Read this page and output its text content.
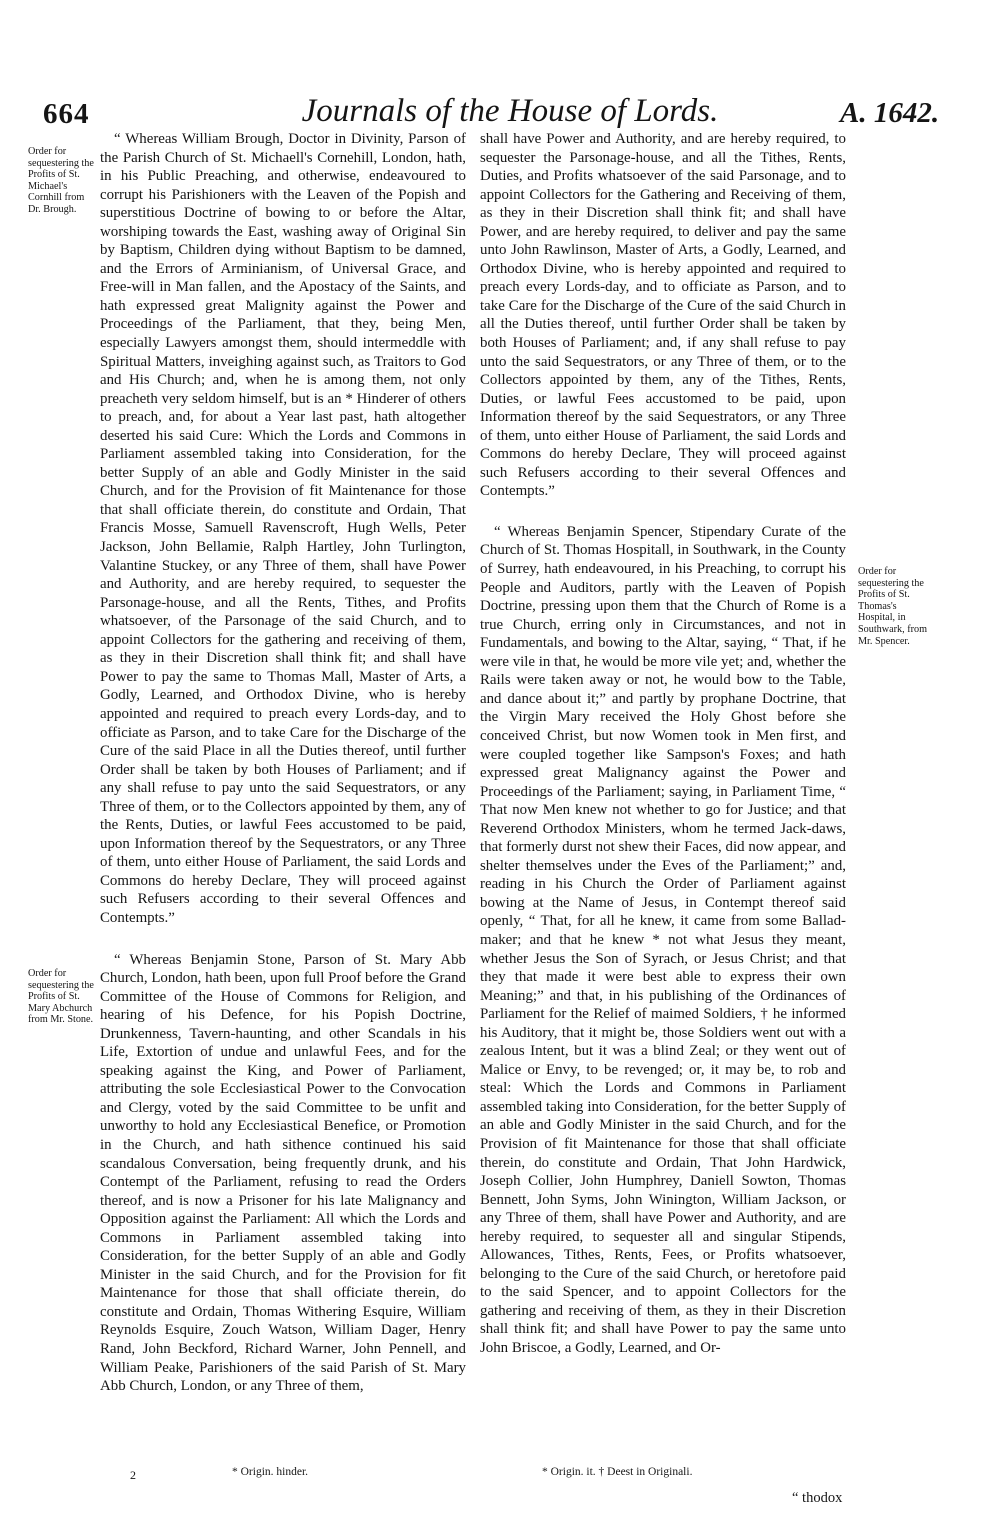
664	Journals of the House of Lords.	A. 1642.
Order for sequestering the Profits of St. Michael's Cornhill from Dr. Brough.
Order for sequestering the Profits of St. Mary Abchurch from Mr. Stone.
Order for sequestering the Profits of St. Thomas's Hospital, in Southwark, from Mr. Spencer.

“ Whereas William Brough, Doctor in Divinity, Parson of the Parish Church of St. Michaell's Cornehill, London, hath, in his Public Preaching, and otherwise, endeavoured to corrupt his Parishioners with the Leaven of the Popish and superstitious Doctrine of bowing to or before the Altar, worshiping towards the East, washing away of Original Sin by Baptism, Children dying without Baptism to be damned, and the Errors of Arminianism, of Universal Grace, and Free-will in Man fallen, and the Apostacy of the Saints, and hath expressed great Malignity against the Power and Proceedings of the Parliament, that they, being Men, especially Lawyers amongst them, should intermeddle with Spiritual Matters, inveighing against such, as Traitors to God and His Church; and, when he is among them, not only preacheth very seldom himself, but is an * Hinderer of others to preach, and, for about a Year last past, hath altogether deserted his said Cure: Which the Lords and Commons in Parliament assembled taking into Consideration, for the better Supply of an able and Godly Minister in the said Church, and for the Provision of fit Maintenance for those that shall officiate therein, do constitute and Ordain, That Francis Mosse, Samuell Ravenscroft, Hugh Wells, Peter Jackson, John Bellamie, Ralph Hartley, John Turlington, Valantine Stuckey, or any Three of them, shall have Power and Authority, and are hereby required, to sequester the Parsonage-house, and all the Rents, Tithes, and Profits whatsoever, of the Parsonage of the said Church, and to appoint Collectors for the gathering and receiving of them, as they in their Discretion shall think fit; and shall have Power to pay the same to Thomas Mall, Master of Arts, a Godly, Learned, and Orthodox Divine, who is hereby appointed and required to preach every Lords-day, and to officiate as Parson, and to take Care for the Discharge of the Cure of the said Place in all the Duties thereof, until further Order shall be taken by both Houses of Parliament; and if any shall refuse to pay unto the said Sequestrators, or any Three of them, or to the Collectors appointed by them, any of the Rents, Duties, or lawful Fees accustomed to be paid, upon Information thereof by the Sequestrators, or any Three of them, unto either House of Parliament, the said Lords and Commons do hereby Declare, They will proceed against such Refusers according to their several Offences and Contempts.”

“ Whereas Benjamin Stone, Parson of St. Mary Abb Church, London, hath been, upon full Proof before the Grand Committee of the House of Commons for Religion, and hearing of his Defence, for his Popish Doctrine, Drunkenness, Tavern-haunting, and other Scandals in his Life, Extortion of undue and unlawful Fees, and for the speaking against the King, and Power of Parliament, attributing the sole Ecclesiastical Power to the Convocation and Clergy, voted by the said Committee to be unfit and unworthy to hold any Ecclesiastical Benefice, or Promotion in the Church, and hath sithence continued his said scandalous Conversation, being frequently drunk, and his Contempt of the Parliament, refusing to read the Orders thereof, and is now a Prisoner for his late Malignancy and Opposition against the Parliament: All which the Lords and Commons in Parliament assembled taking into Consideration, for the better Supply of an able and Godly Minister in the said Church, and for the Provision for fit Maintenance for those that shall officiate therein, do constitute and Ordain, Thomas Withering Esquire, William Reynolds Esquire, Zouch Watson, William Dager, Henry Rand, John Beckford, Richard Warner, John Pennell, and William Peake, Parishioners of the said Parish of St. Mary Abb Church, London, or any Three of them,

shall have Power and Authority, and are hereby required, to sequester the Parsonage-house, and all the Tithes, Rents, Duties, and Profits whatsoever of the said Parsonage, and to appoint Collectors for the Gathering and Receiving of them, as they in their Discretion shall think fit; and shall have Power, and are hereby required, to deliver and pay the same unto John Rawlinson, Master of Arts, a Godly, Learned, and Orthodox Divine, who is hereby appointed and required to preach every Lords-day, and to officiate as Parson, and to take Care for the Discharge of the Cure of the said Church in all the Duties thereof, until further Order shall be taken by both Houses of Parliament; and, if any shall refuse to pay unto the said Sequestrators, or any Three of them, or to the Collectors appointed by them, any of the Tithes, Rents, Duties, or lawful Fees accustomed to be paid, upon Information thereof by the said Sequestrators, or any Three of them, unto either House of Parliament, the said Lords and Commons do hereby Declare, They will proceed against such Refusers according to their several Offences and Contempts.”

“ Whereas Benjamin Spencer, Stipendary Curate of the Church of St. Thomas Hospitall, in Southwark, in the County of Surrey, hath endeavoured, in his Preaching, to corrupt his People and Auditors, partly with the Leaven of Popish Doctrine, pressing upon them that the Church of Rome is a true Church, erring only in Circumstances, and not in Fundamentals, and bowing to the Altar, saying, “ That, if he were vile in that, he would be more vile yet; and, whether the Rails were taken away or not, he would bow to the Table, and dance about it;” and partly by prophane Doctrine, that the Virgin Mary received the Holy Ghost before she conceived Christ, but now Women took in Men first, and were coupled together like Sampson's Foxes; and hath expressed great Malignancy against the Power and Proceedings of the Parliament; saying, in Parliament Time, “ That now Men knew not whether to go for Justice; and that Reverend Orthodox Ministers, whom he termed Jack-daws, that formerly durst not shew their Faces, did now appear, and shelter themselves under the Eves of the Parliament;” and, reading in his Church the Order of Parliament against bowing at the Name of Jesus, in Contempt thereof said openly, “ That, for all he knew, it came from some Ballad-maker; and that he knew * not what Jesus they meant, whether Jesus the Son of Syrach, or Jesus Christ; and that they that made it were best able to express their own Meaning;” and that, in his publishing of the Ordinances of Parliament for the Relief of maimed Soldiers, † he informed his Auditory, that it might be, those Soldiers went out with a zealous Intent, but it was a blind Zeal; or they went out of Malice or Envy, to be revenged; or, it may be, to rob and steal: Which the Lords and Commons in Parliament assembled taking into Consideration, for the better Supply of an able and Godly Minister in the said Church, and for the Provision of fit Maintenance for those that shall officiate therein, do constitute and Ordain, That John Hardwick, Joseph Collier, John Humphrey, Daniell Sowton, Thomas Bennett, John Syms, John Winington, William Jackson, or any Three of them, shall have Power and Authority, and are hereby required, to sequester all and singular Stipends, Allowances, Tithes, Rents, Fees, or Profits whatsoever, belonging to the Cure of the said Church, or heretofore paid to the said Spencer, and to appoint Collectors for the gathering and receiving of them, as they in their Discretion shall think fit; and shall have Power to pay the same unto John Briscoe, a Godly, Learned, and Or-

2	* Origin. hinder.	* Origin. it. † Deest in Originali.
“ thodox
